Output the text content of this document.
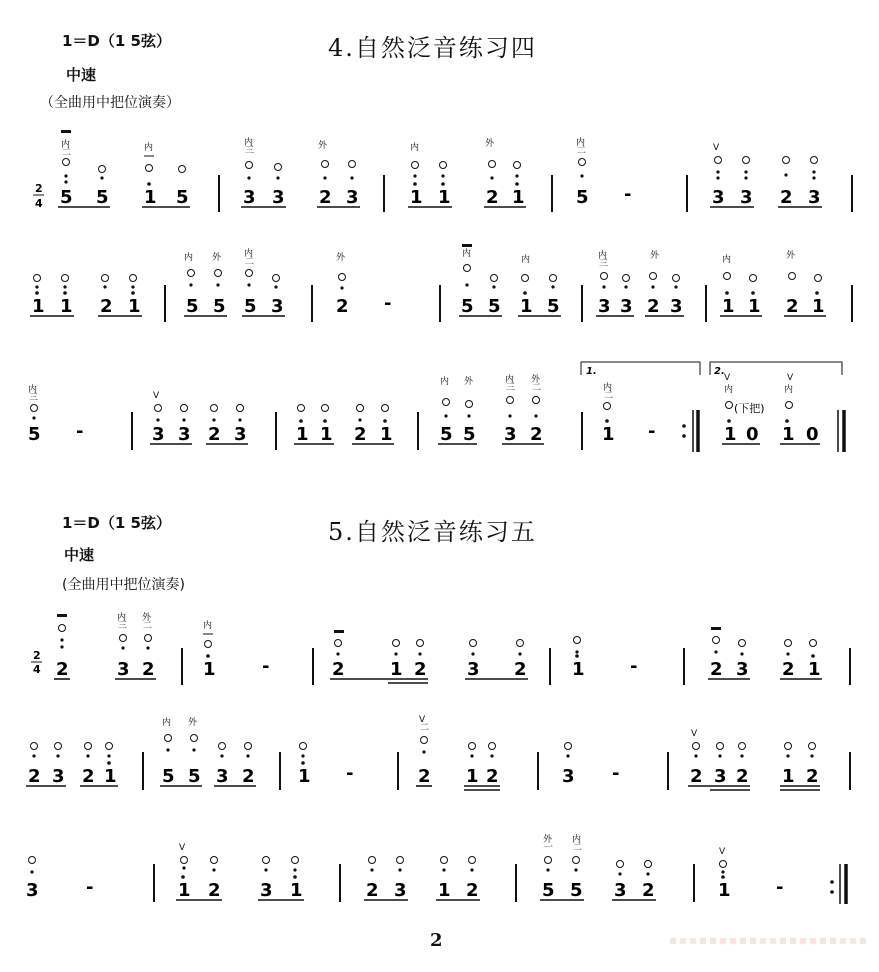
1＝D（1 5弦）	4.自然泛音练习四
中速
（全曲用中把位演奏）
1＝D（1 5弦）	5.自然泛音练习五
中速
(全曲用中把位演奏)
2
2
4 5 5 1 5	3 3 2 3	1 1 2 1	5 -	3 3 2 3
内
二	内	内
三	外	内	外	内
二	V
1 1 2 1	5 5 5 3	2 -	5 5 1 5 3 3 2 3 1 1 2 1
内 外	内
二	外	内
内	内
三
外	内	外
5 -	3 3 2 3	1 1 2 1	5 5 3 2	1 -	1 0 1 0
1.	2.
(下把)
内
三	V
内 外	内
三
外
二	内
二
V	V
内	内
2
4 2	3 2	1	-	2	1 2 3 2	1	-	2 3 2 1
内 外
三 二	内
2 3 2 1	5 5 3 2 1 -	2 1 2	3 -	2 3 2 1 2
内 外	V
二
V
3	-	1 2 3 1	2 3 1 2	5 5 3 2	1	-
V
外 内
一 二	V
